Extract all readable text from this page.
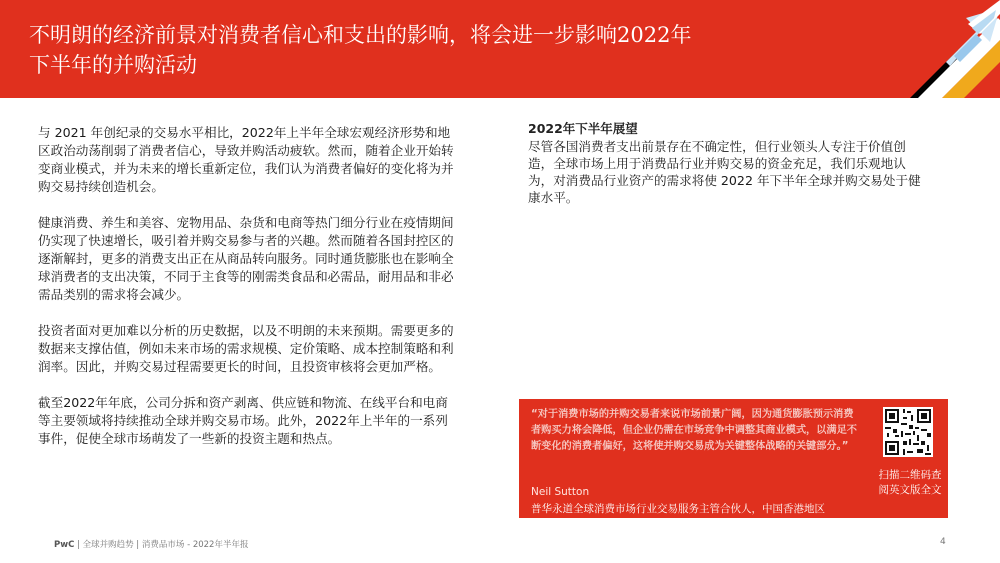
不明朗的经济前景对消费者信心和支出的影响，将会进一步影响2022年
下半年的并购活动

与 2021 年创纪录的交易水平相比，2022年上半年全球宏观经济形势和地区政治动荡削弱了消费者信心，导致并购活动疲软。然而，随着企业开始转变商业模式，并为未来的增长重新定位，我们认为消费者偏好的变化将为并购交易持续创造机会。

健康消费、养生和美容、宠物用品、杂货和电商等热门细分行业在疫情期间仍实现了快速增长，吸引着并购交易参与者的兴趣。然而随着各国封控区的逐渐解封，更多的消费支出正在从商品转向服务。同时通货膨胀也在影响全球消费者的支出决策，不同于主食等的刚需类食品和必需品，耐用品和非必需品类别的需求将会减少。

投资者面对更加难以分析的历史数据，以及不明朗的未来预期。需要更多的数据来支撑估值，例如未来市场的需求规模、定价策略、成本控制策略和利润率。因此，并购交易过程需要更长的时间，且投资审核将会更加严格。

截至2022年年底，公司分拆和资产剥离、供应链和物流、在线平台和电商等主要领域将持续推动全球并购交易市场。此外，2022年上半年的一系列事件，促使全球市场萌发了一些新的投资主题和热点。

2022年下半年展望
尽管各国消费者支出前景存在不确定性，但行业领头人专注于价值创造，全球市场上用于消费品行业并购交易的资金充足，我们乐观地认为，对消费品行业资产的需求将使 2022 年下半年全球并购交易处于健康水平。
“对于消费市场的并购交易者来说市场前景广阔，因为通货膨胀预示消费者购买力将会降低，但企业仍需在市场竞争中调整其商业模式，以满足不断变化的消费者偏好，这将使并购交易成为关键整体战略的关键部分。”
Neil Sutton
普华永道全球消费市场行业交易服务主管合伙人，中国香港地区
扫描二维码查阅英文版全文
PwC | 全球并购趋势 | 消费品市场 - 2022年半年报	4
